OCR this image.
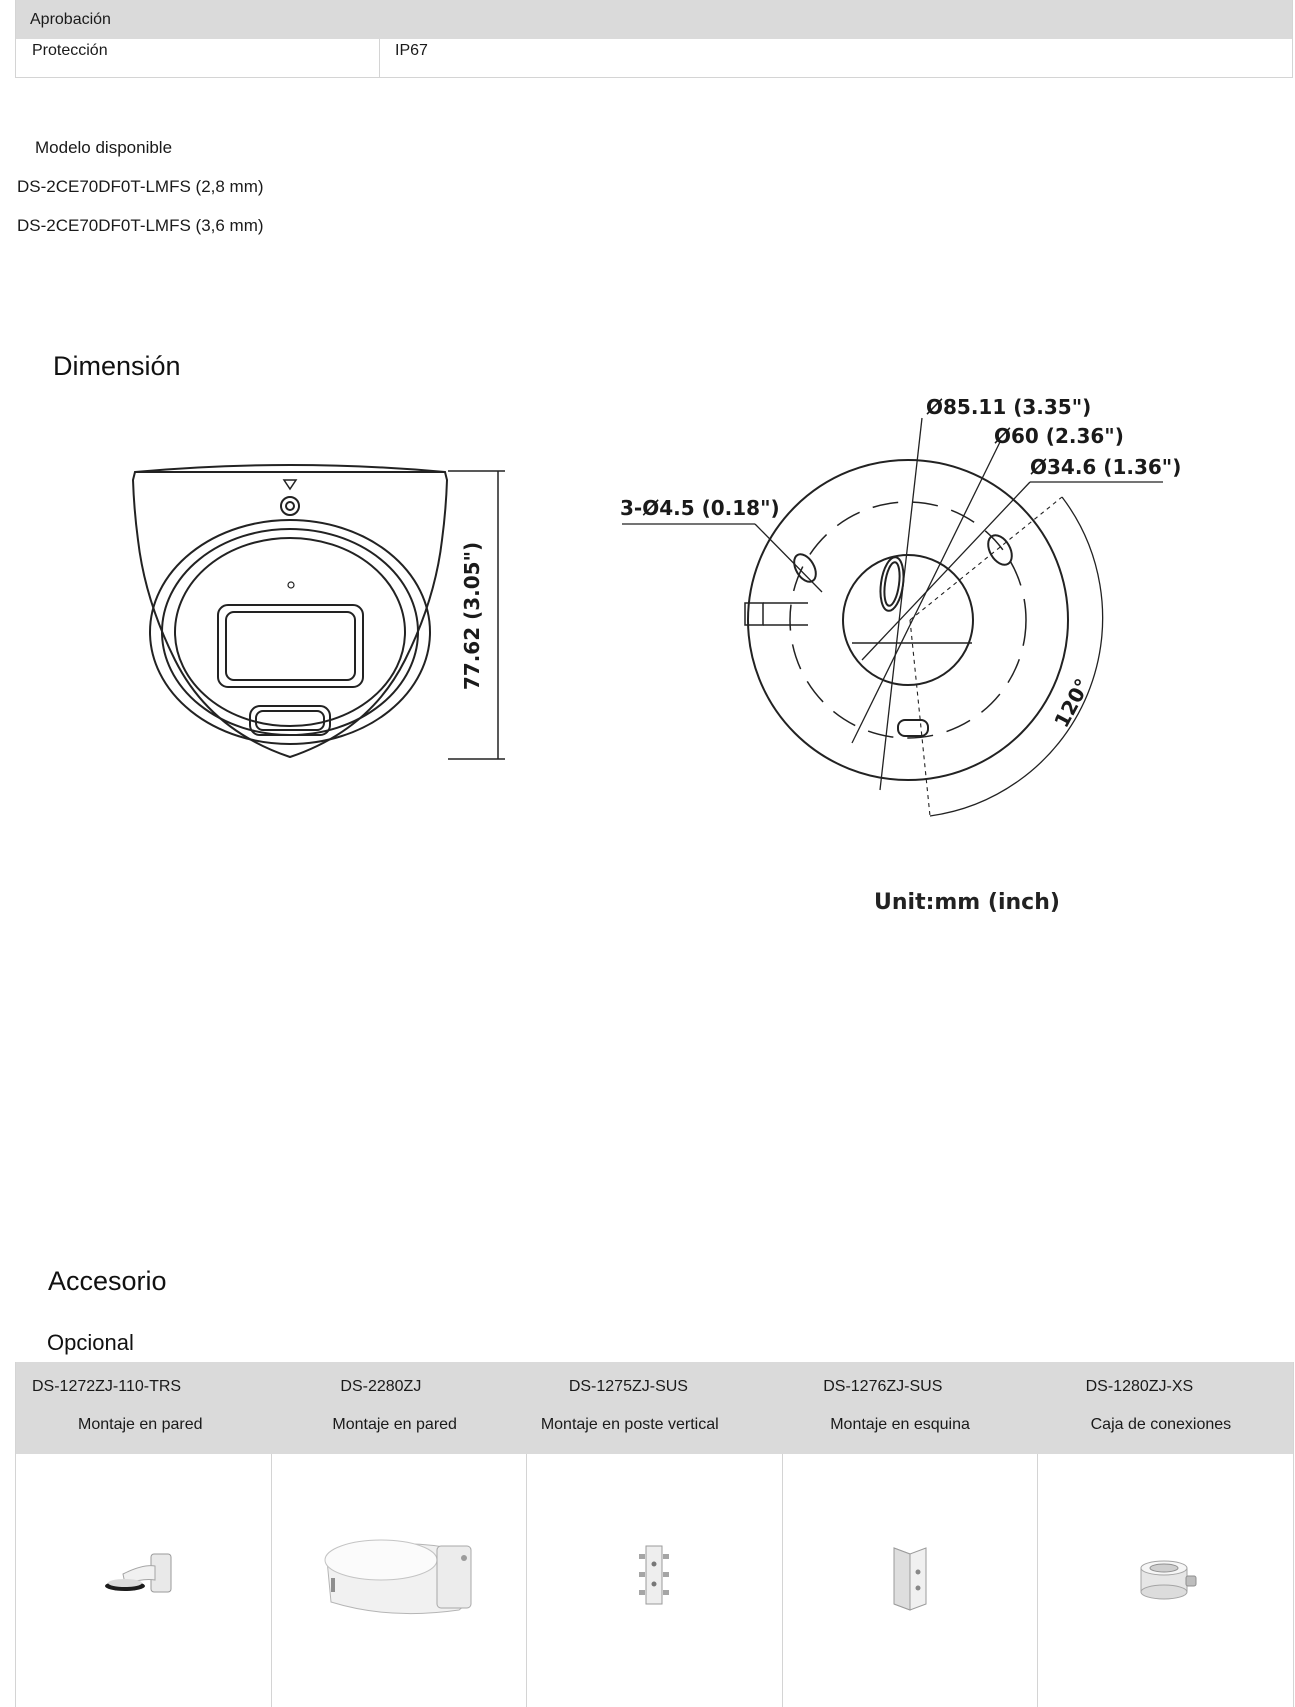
Aprobación
Protección	IP67
Modelo disponible
DS-2CE70DF0T-LMFS (2,8 mm)
DS-2CE70DF0T-LMFS (3,6 mm)
Dimensión
77.62 (3.05")
Ø85.11 (3.35")
Ø60 (2.36")
Ø34.6 (1.36")
3-Ø4.5 (0.18")
120°
Unit:mm (inch)
Accesorio
Opcional
DS-1272ZJ-110-TRS
Montaje en pared
DS-2280ZJ
Montaje en pared
DS-1275ZJ-SUS
Montaje en poste vertical
DS-1276ZJ-SUS
Montaje en esquina
DS-1280ZJ-XS
Caja de conexiones
